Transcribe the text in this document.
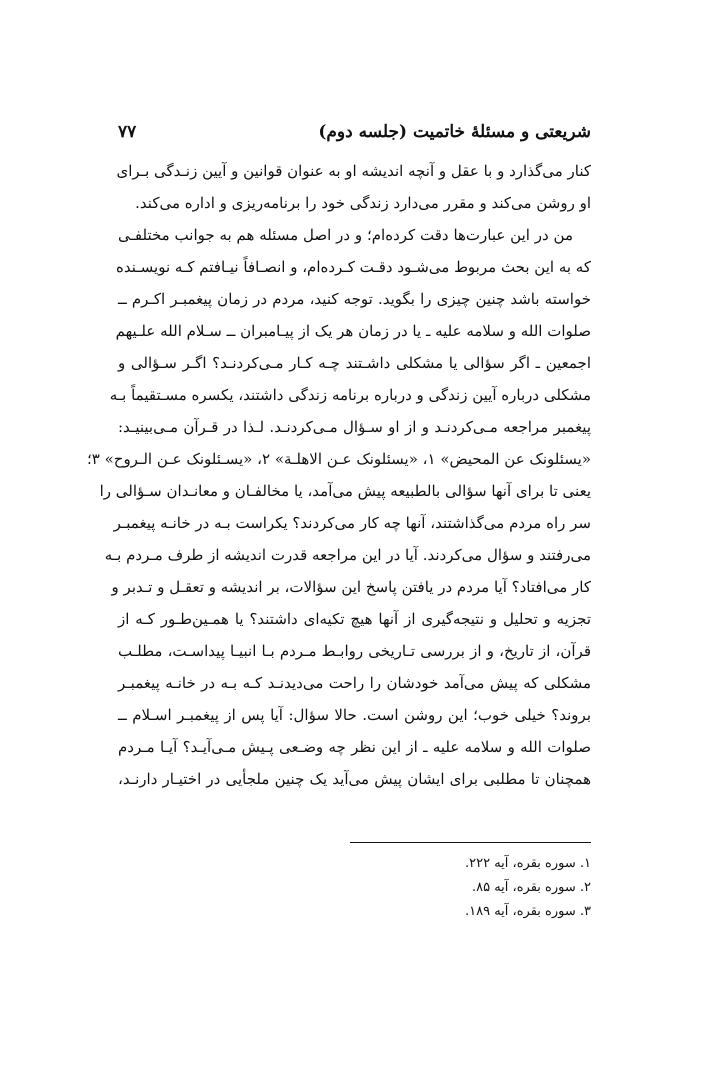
شریعتی و مسئلهٔ خاتمیت (جلسه دوم)
۷۷
کنار می‌گذارد و با عقل و آنچه اندیشه او به عنوان قوانین و آیین زنـدگی بـرای
او روشن می‌کند و مقرر می‌دارد زندگی خود را برنامه‌ریزی و اداره می‌کند.
من در این عبارت‌ها دقت کرده‌ام؛ و در اصل مسئله هم به جوانب مختلفـی
که به این بحث مربوط می‌شـود دقـت کـرده‌ام، و انصـافاً نیـافتم کـه نویسـنده
خواسته باشد چنین چیزی را بگوید. توجه کنید، مردم در زمان پیغمبـر اکـرم ــ
صلوات الله و سلامه علیه ـ یا در زمان هر یک از پیـامبران ــ سـلام الله علـیهم
اجمعین ـ اگر سؤالی یا مشکلی داشـتند چـه کـار مـی‌کردنـد؟ اگـر سـؤالی و
مشکلی درباره آیین زندگی و درباره برنامه زندگی داشتند، یکسره مسـتقیماً بـه
پیغمبر مراجعه مـی‌کردنـد و از او سـؤال مـی‌کردنـد. لـذا در قـرآن مـی‌بینیـد:
«یسئلونک عن المحیض» ۱، «یسئلونک عـن الاهلـة» ۲، «یسـئلونک عـن الـروح» ۳؛
یعنی تا برای آنها سؤالی بالطبیعه پیش می‌آمد، یا مخالفـان و معانـدان سـؤالی را
سر راه مردم می‌گذاشتند، آنها چه کار می‌کردند؟ یکراست بـه در خانـه پیغمبـر
می‌رفتند و سؤال می‌کردند. آیا در این مراجعه قدرت اندیشه از طرف مـردم بـه
کار می‌افتاد؟ آیا مردم در یافتن پاسخ این سؤالات، بر اندیشه و تعقـل و تـدبر و
تجزیه و تحلیل و نتیجه‌گیری از آنها هیچ تکیه‌ای داشتند؟ یا همـین‌طـور کـه از
قرآن، از تاریخ، و از بررسی تـاریخی روابـط مـردم بـا انبیـا پیداسـت، مطلـب
مشکلی که پیش می‌آمد خودشان را راحت می‌دیدنـد کـه بـه در خانـه پیغمبـر
بروند؟ خیلی خوب؛ این روشن است. حالا سؤال: آیا پس از پیغمبـر اسـلام ــ
صلوات الله و سلامه علیه ـ از این نظر چه وضـعی پـیش مـی‌آیـد؟ آیـا مـردم
همچنان تا مطلبی برای ایشان پیش می‌آید یک چنین ملجأیی در اختیـار دارنـد،
۱. سوره بقره، آیه ۲۲۲.
۲. سوره بقره، آیه ۸۵.
۳. سوره بقره، آیه ۱۸۹.
